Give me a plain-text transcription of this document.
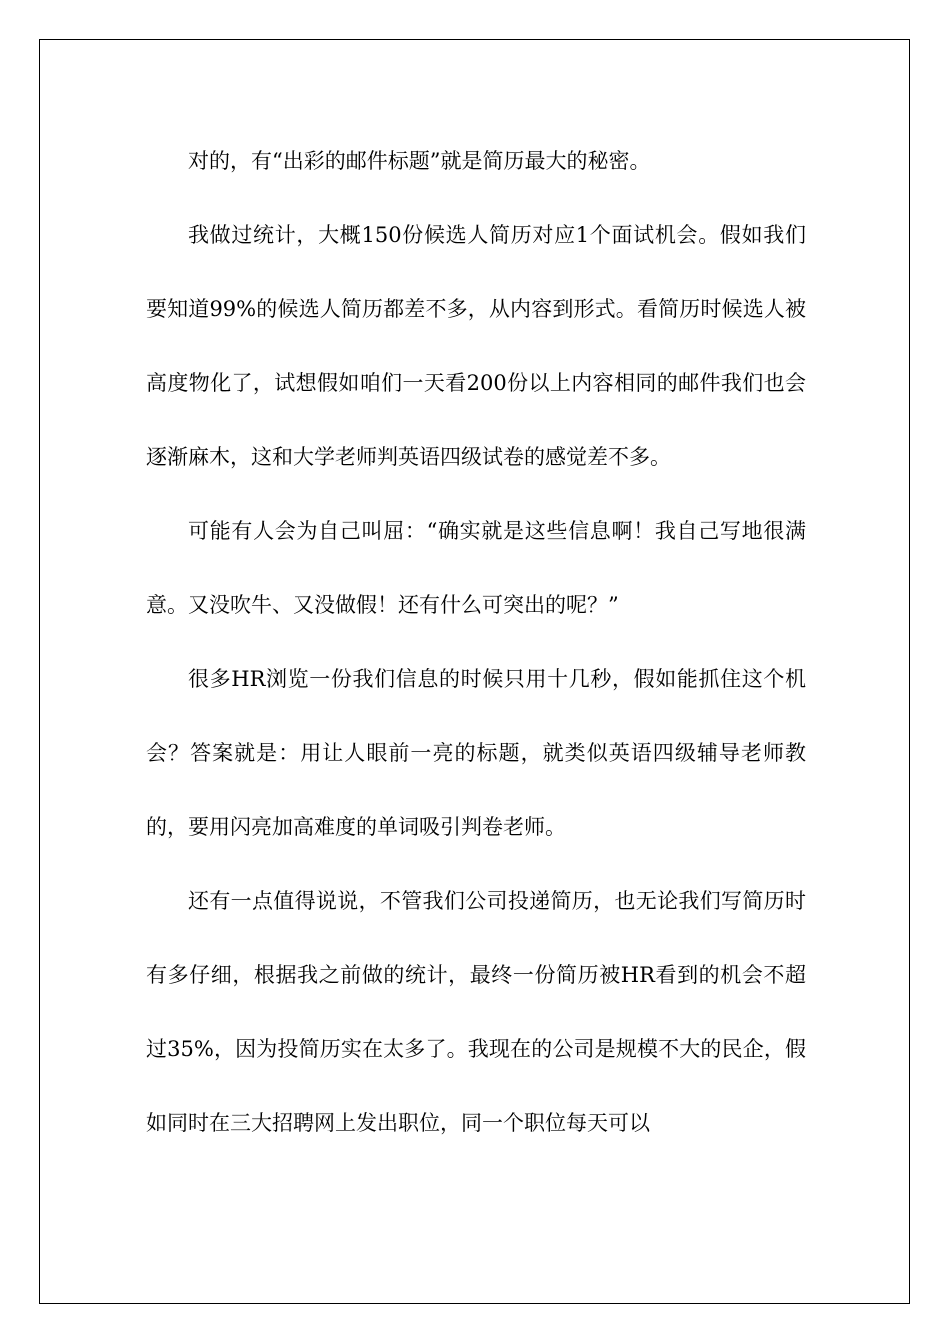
对的，有“出彩的邮件标题”就是简历最大的秘密。

我做过统计，大概150份候选人简历对应1个面试机会。假如我们要知道99%的候选人简历都差不多，从内容到形式。看简历时候选人被高度物化了，试想假如咱们一天看200份以上内容相同的邮件我们也会逐渐麻木，这和大学老师判英语四级试卷的感觉差不多。

可能有人会为自己叫屈：“确实就是这些信息啊！我自己写地很满意。又没吹牛、又没做假！还有什么可突出的呢？”

很多HR浏览一份我们信息的时候只用十几秒，假如能抓住这个机会？答案就是：用让人眼前一亮的标题，就类似英语四级辅导老师教的，要用闪亮加高难度的单词吸引判卷老师。

还有一点值得说说，不管我们公司投递简历，也无论我们写简历时有多仔细，根据我之前做的统计，最终一份简历被HR看到的机会不超过35%，因为投简历实在太多了。我现在的公司是规模不大的民企，假如同时在三大招聘网上发出职位，同一个职位每天可以
